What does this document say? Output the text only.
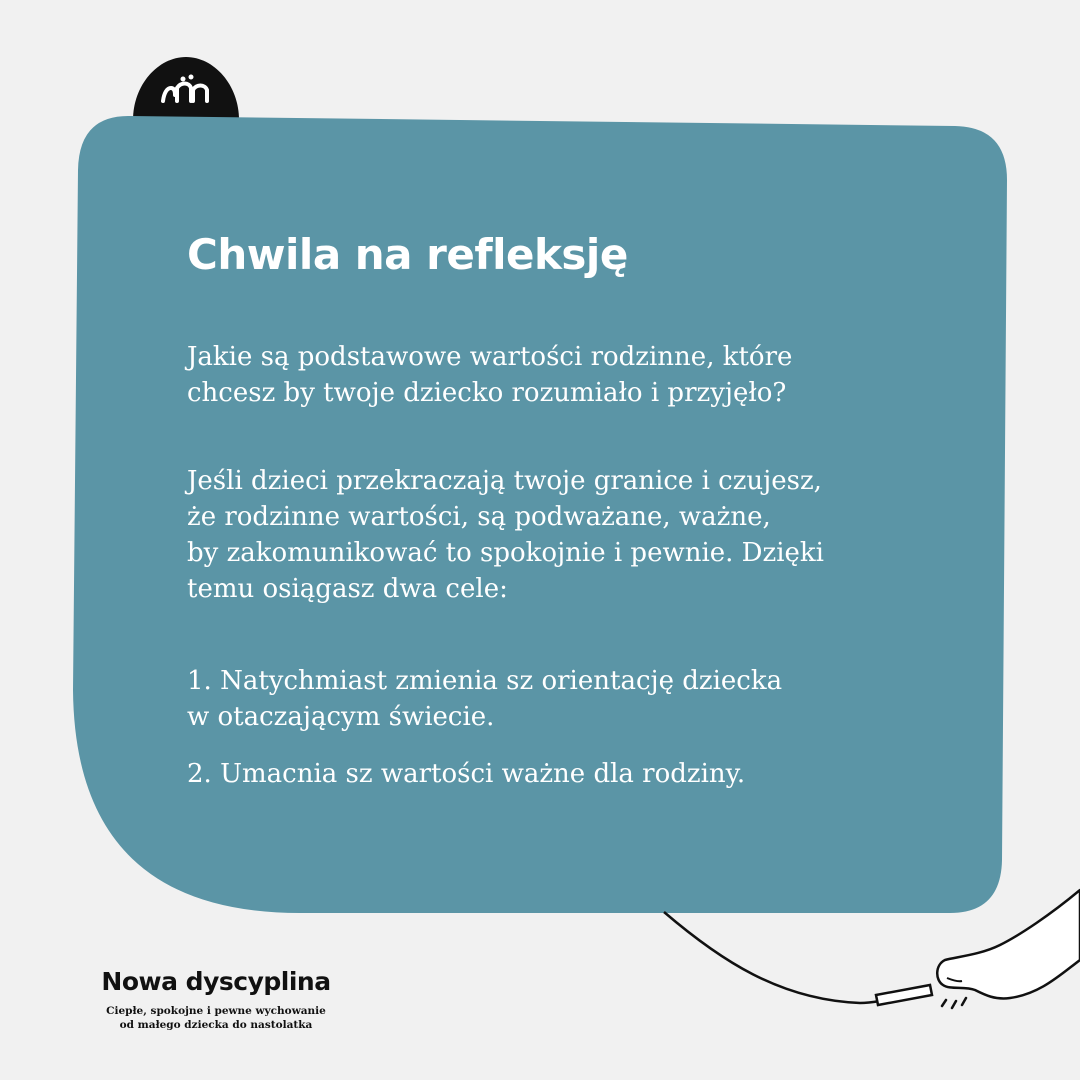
Chwila na refleksję

Jakie są podstawowe wartości rodzinne, które
chcesz by twoje dziecko rozumiało i przyjęło?

Jeśli dzieci przekraczają twoje granice i czujesz,
że rodzinne wartości, są podważane, ważne,
by zakomunikować to spokojnie i pewnie. Dzięki
temu osiągasz dwa cele:

1. Natychmiast zmienia sz orientację dziecka
w otaczającym świecie.

2. Umacnia sz wartości ważne dla rodziny.

Nowa dyscyplina
Ciepłe, spokojne i pewne wychowanie
od małego dziecka do nastolatka
